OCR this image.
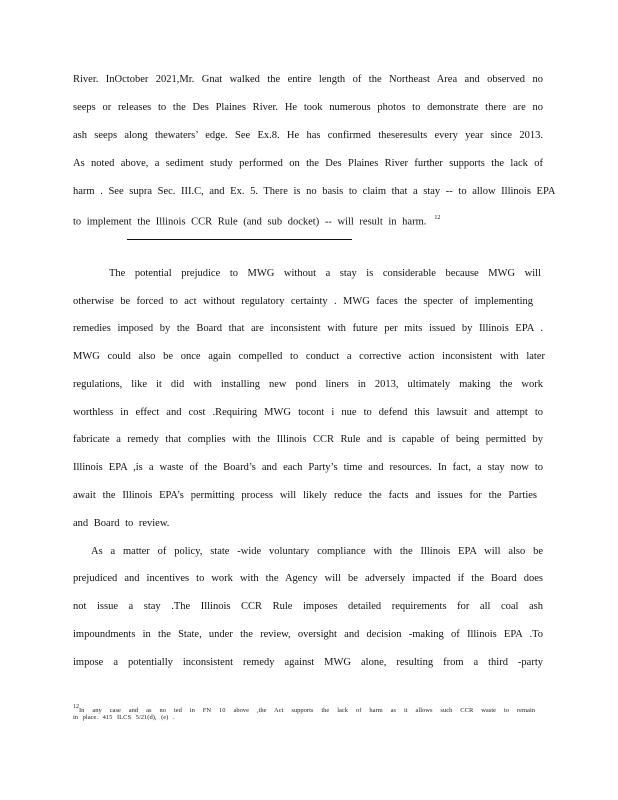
River. InOctober 2021,Mr. Gnat walked the entire length of the Northeast Area and observed no
seeps or releases to the Des Plaines River. He took numerous photos to demonstrate there are no
ash seeps along thewaters’ edge. See Ex.8. He has confirmed theseresults every year since 2013.
As noted above, a sediment study performed on the Des Plaines River further supports the lack of
harm . See supra Sec. III.C, and Ex. 5. There is no basis to claim that a stay -- to allow Illinois EPA
to implement the Illinois CCR Rule (and sub docket) -- will result in harm. $^{12}$
The potential prejudice to MWG without a stay is considerable because MWG will
otherwise be forced to act without regulatory certainty . MWG faces the specter of implementing
remedies imposed by the Board that are inconsistent with future per mits issued by Illinois EPA .
MWG could also be once again compelled to conduct a corrective action inconsistent with later
regulations, like it did with installing new pond liners in 2013, ultimately making the work
worthless in effect and cost .Requiring MWG tocont i nue to defend this lawsuit and attempt to
fabricate a remedy that complies with the Illinois CCR Rule and is capable of being permitted by
Illinois EPA ,is a waste of the Board’s and each Party’s time and resources. In fact, a stay now to
await the Illinois EPA’s permitting process will likely reduce the facts and issues for the Parties
and Board to review.
As a matter of policy, state -wide voluntary compliance with the Illinois EPA will also be
prejudiced and incentives to work with the Agency will be adversely impacted if the Board does
not issue a stay .The Illinois CCR Rule imposes detailed requirements for all coal ash
impoundments in the State, under the review, oversight and decision -making of Illinois EPA .To
impose a potentially inconsistent remedy against MWG alone, resulting from a third -party
12In any case and as no ted in FN 10 above ,the Act supports the lack of harm as it allows such CCR waste to remain
in place. 415 ILCS 5/21(d), (e) .
